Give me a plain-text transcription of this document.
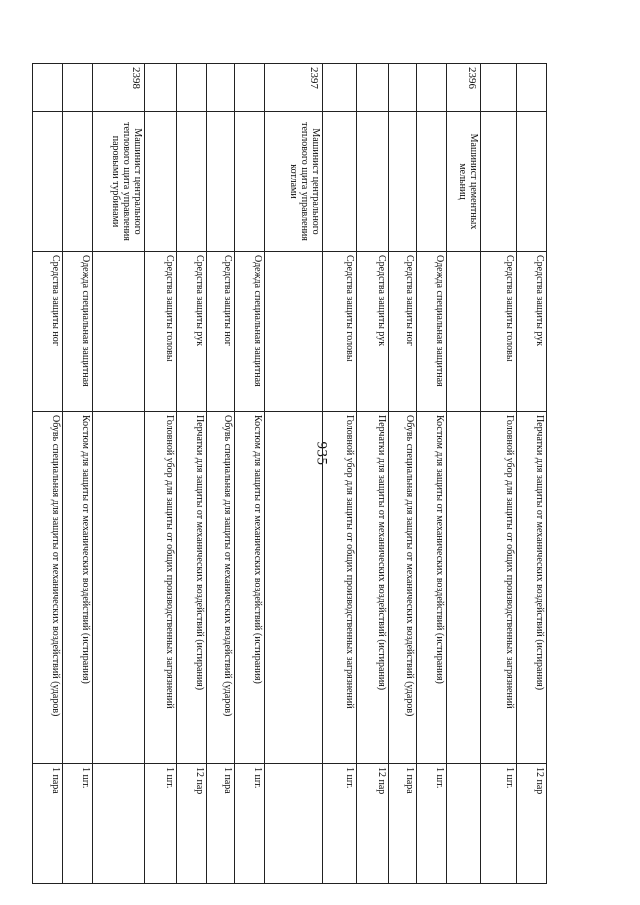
935
		Средства защиты рук	Перчатки для защиты от механических воздействий (истирания)	12 пар
		Средства защиты головы	Головной убор для защиты от общих производственных загрязнений	1 шт.
2396	Машинист цементных мельниц			
		Одежда специальная защитная	Костюм для защиты от механических воздействий (истирания)	1 шт.
		Средства защиты ног	Обувь специальная для защиты от механических воздействий (ударов)	1 пара
		Средства защиты рук	Перчатки для защиты от механических воздействий (истирания)	12 пар
		Средства защиты головы	Головной убор для защиты от общих производственных загрязнений	1 шт.
2397	Машинист центрального теплового щита управления котлами			
		Одежда специальная защитная	Костюм для защиты от механических воздействий (истирания)	1 шт.
		Средства защиты ног	Обувь специальная для защиты от механических воздействий (ударов)	1 пара
		Средства защиты рук	Перчатки для защиты от механических воздействий (истирания)	12 пар
		Средства защиты головы	Головной убор для защиты от общих производственных загрязнений	1 шт.
2398	Машинист центрального теплового щита управления паровыми турбинами			
		Одежда специальная защитная	Костюм для защиты от механических воздействий (истирания)	1 шт.
		Средства защиты ног	Обувь специальная для защиты от механических воздействий (ударов)	1 пара
